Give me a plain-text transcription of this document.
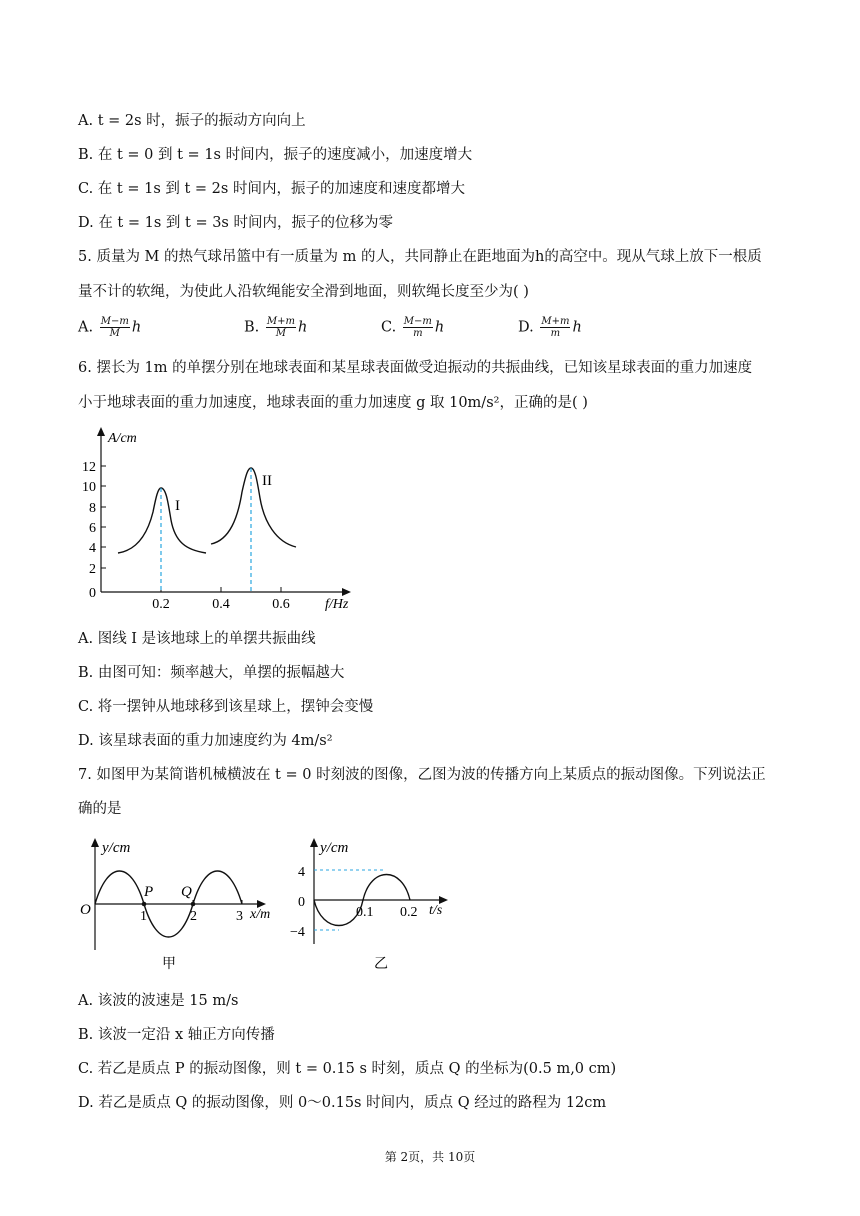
A. t = 2s 时，振子的振动方向向上
B. 在 t = 0 到 t = 1s 时间内，振子的速度减小，加速度增大
C. 在 t = 1s 到 t = 2s 时间内，振子的加速度和速度都增大
D. 在 t = 1s 到 t = 3s 时间内，振子的位移为零
5. 质量为 M 的热气球吊篮中有一质量为 m 的人，共同静止在距地面为h的高空中。现从气球上放下一根质
量不计的软绳，为使此人沿软绳能安全滑到地面，则软绳长度至少为( )
A. $\frac{M-m}{M}$ h	B. $\frac{M+m}{M}$ h	C. $\frac{M-m}{m}$ h	D. $\frac{M+m}{m}$ h
6. 摆长为 1m 的单摆分别在地球表面和某星球表面做受迫振动的共振曲线，已知该星球表面的重力加速度
小于地球表面的重力加速度，地球表面的重力加速度 g 取 10m/s²，正确的是( )
A/cm
f/Hz
12
10
8
6
4
2
0
0.2	0.4	0.6
I
II
A. 图线 I 是该地球上的单摆共振曲线
B. 由图可知：频率越大，单摆的振幅越大
C. 将一摆钟从地球移到该星球上，摆钟会变慢
D. 该星球表面的重力加速度约为 4m/s²
7. 如图甲为某简谐机械横波在 t = 0 时刻波的图像，乙图为波的传播方向上某质点的振动图像。下列说法正
确的是
y/cm
x/m
O
P Q
1	2	3
甲
y/cm
t/s
4
0
−4
0.1 0.2
乙
A. 该波的波速是 15 m/s
B. 该波一定沿 x 轴正方向传播
C. 若乙是质点 P 的振动图像，则 t = 0.15 s 时刻，质点 Q 的坐标为(0.5 m,0 cm)
D. 若乙是质点 Q 的振动图像，则 0～0.15s 时间内，质点 Q 经过的路程为 12cm
第 2页，共 10页
